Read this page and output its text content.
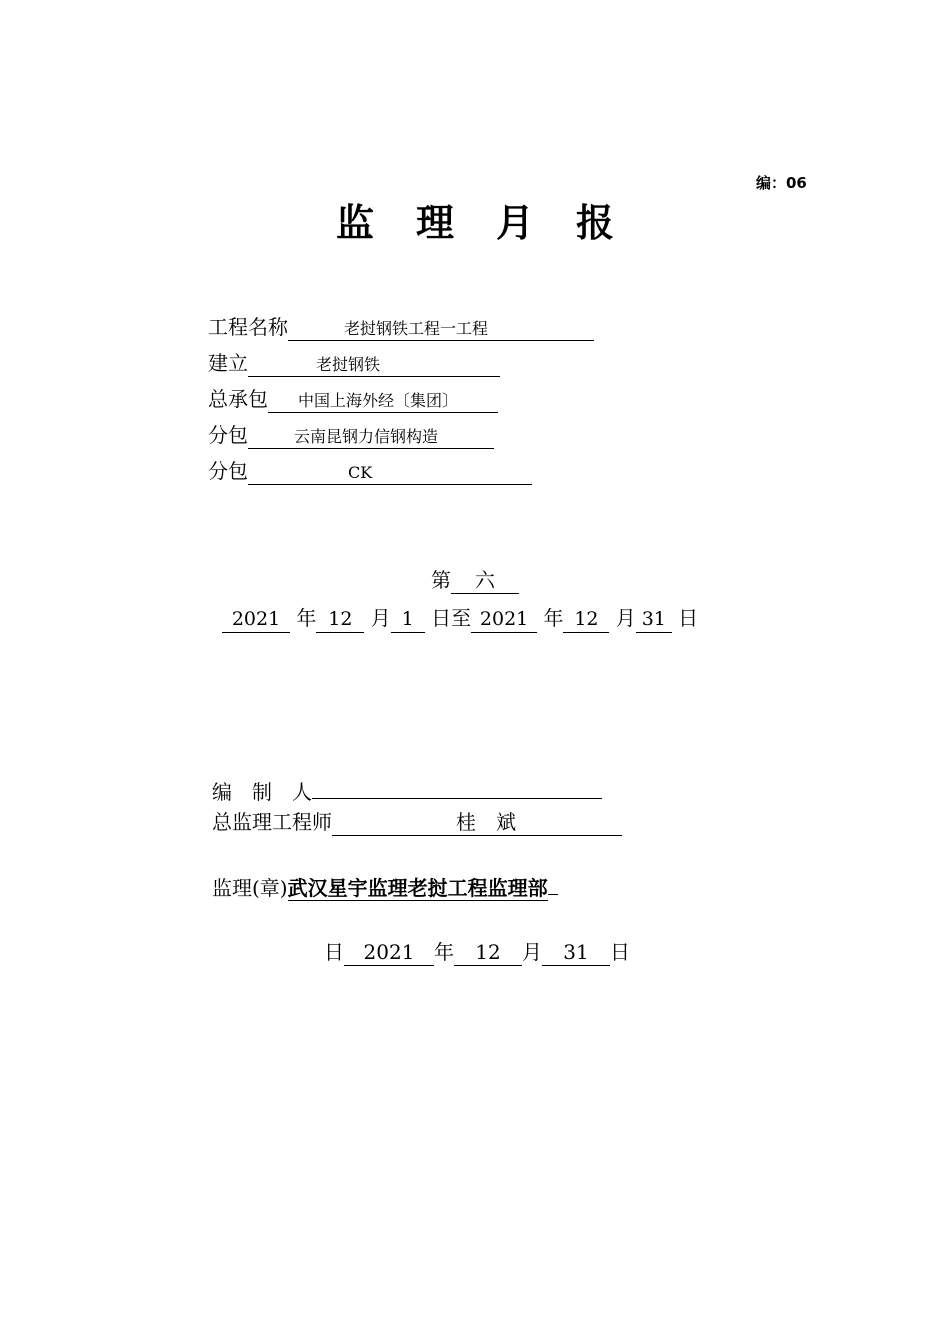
编：06
监理月报
工程名称	老挝钢铁工程一工程
建立	老挝钢铁
总承包 中国上海外经〔集团〕
分包	云南昆钢力信钢构造
分包	CK
第 六
2021 年 12 月 1 日至 2021 年 12 月 31 日
编　制　人
总监理工程师	桂　斌
监理(章)武汉星宇监理老挝工程监理部
日 2021 年 12 月 31 日
